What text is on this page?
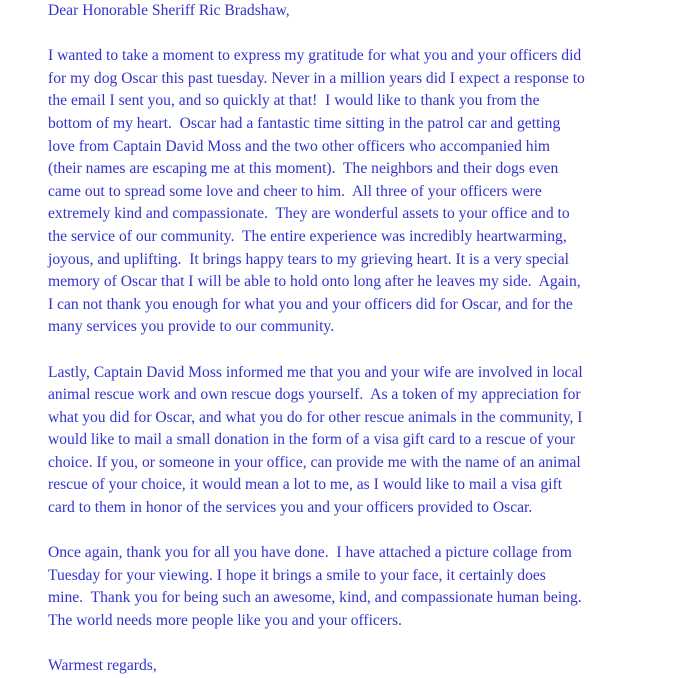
Dear Honorable Sheriff Ric Bradshaw,
I wanted to take a moment to express my gratitude for what you and your officers did
for my dog Oscar this past tuesday. Never in a million years did I expect a response to
the email I sent you, and so quickly at that!  I would like to thank you from the
bottom of my heart.  Oscar had a fantastic time sitting in the patrol car and getting
love from Captain David Moss and the two other officers who accompanied him
(their names are escaping me at this moment).  The neighbors and their dogs even
came out to spread some love and cheer to him.  All three of your officers were
extremely kind and compassionate.  They are wonderful assets to your office and to
the service of our community.  The entire experience was incredibly heartwarming,
joyous, and uplifting.  It brings happy tears to my grieving heart. It is a very special
memory of Oscar that I will be able to hold onto long after he leaves my side.  Again,
I can not thank you enough for what you and your officers did for Oscar, and for the
many services you provide to our community.
Lastly, Captain David Moss informed me that you and your wife are involved in local
animal rescue work and own rescue dogs yourself.  As a token of my appreciation for
what you did for Oscar, and what you do for other rescue animals in the community, I
would like to mail a small donation in the form of a visa gift card to a rescue of your
choice. If you, or someone in your office, can provide me with the name of an animal
rescue of your choice, it would mean a lot to me, as I would like to mail a visa gift
card to them in honor of the services you and your officers provided to Oscar.
Once again, thank you for all you have done.  I have attached a picture collage from
Tuesday for your viewing. I hope it brings a smile to your face, it certainly does
mine.  Thank you for being such an awesome, kind, and compassionate human being.
The world needs more people like you and your officers.
Warmest regards,
